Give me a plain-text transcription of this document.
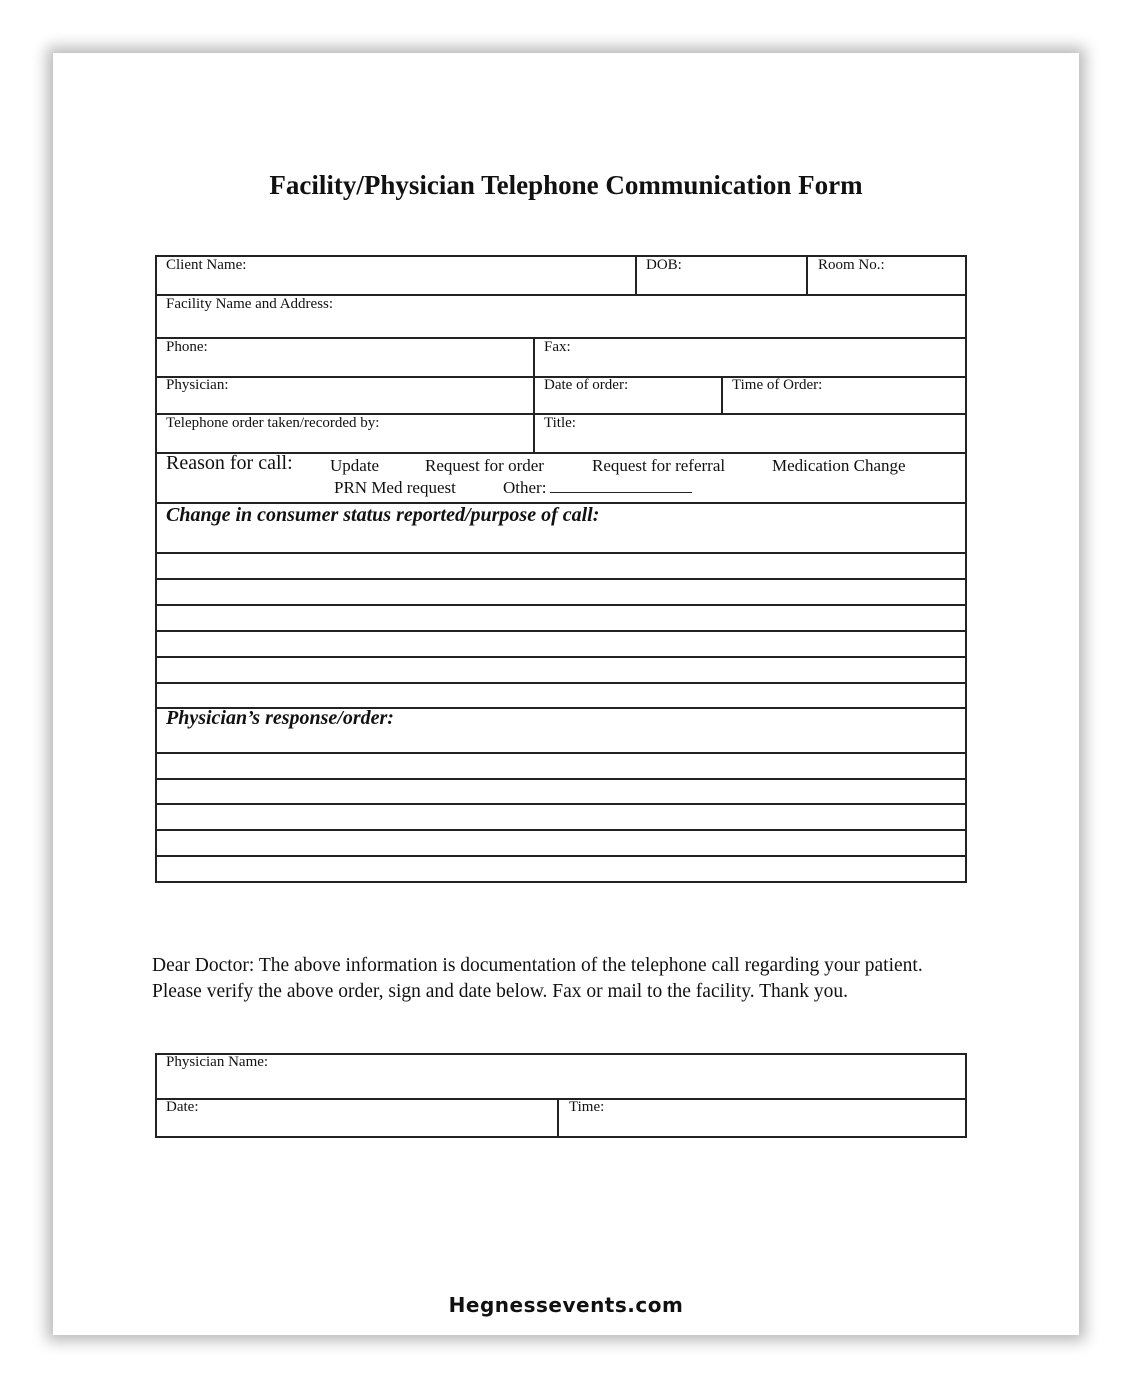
Facility/Physician Telephone Communication Form
Client Name:	DOB:	Room No.:
Facility Name and Address:
Phone:	Fax:
Physician:	Date of order:	Time of Order:
Telephone order taken/recorded by:	Title:
Reason for call: Update	Request for order	Request for referral	Medication Change
PRN Med request	Other:
Change in consumer status reported/purpose of call:
Physician’s response/order:
Dear Doctor: The above information is documentation of the telephone call regarding your patient. Please verify the above order, sign and date below. Fax or mail to the facility. Thank you.
Physician Name:
Date:	Time:
Hegnessevents.com
